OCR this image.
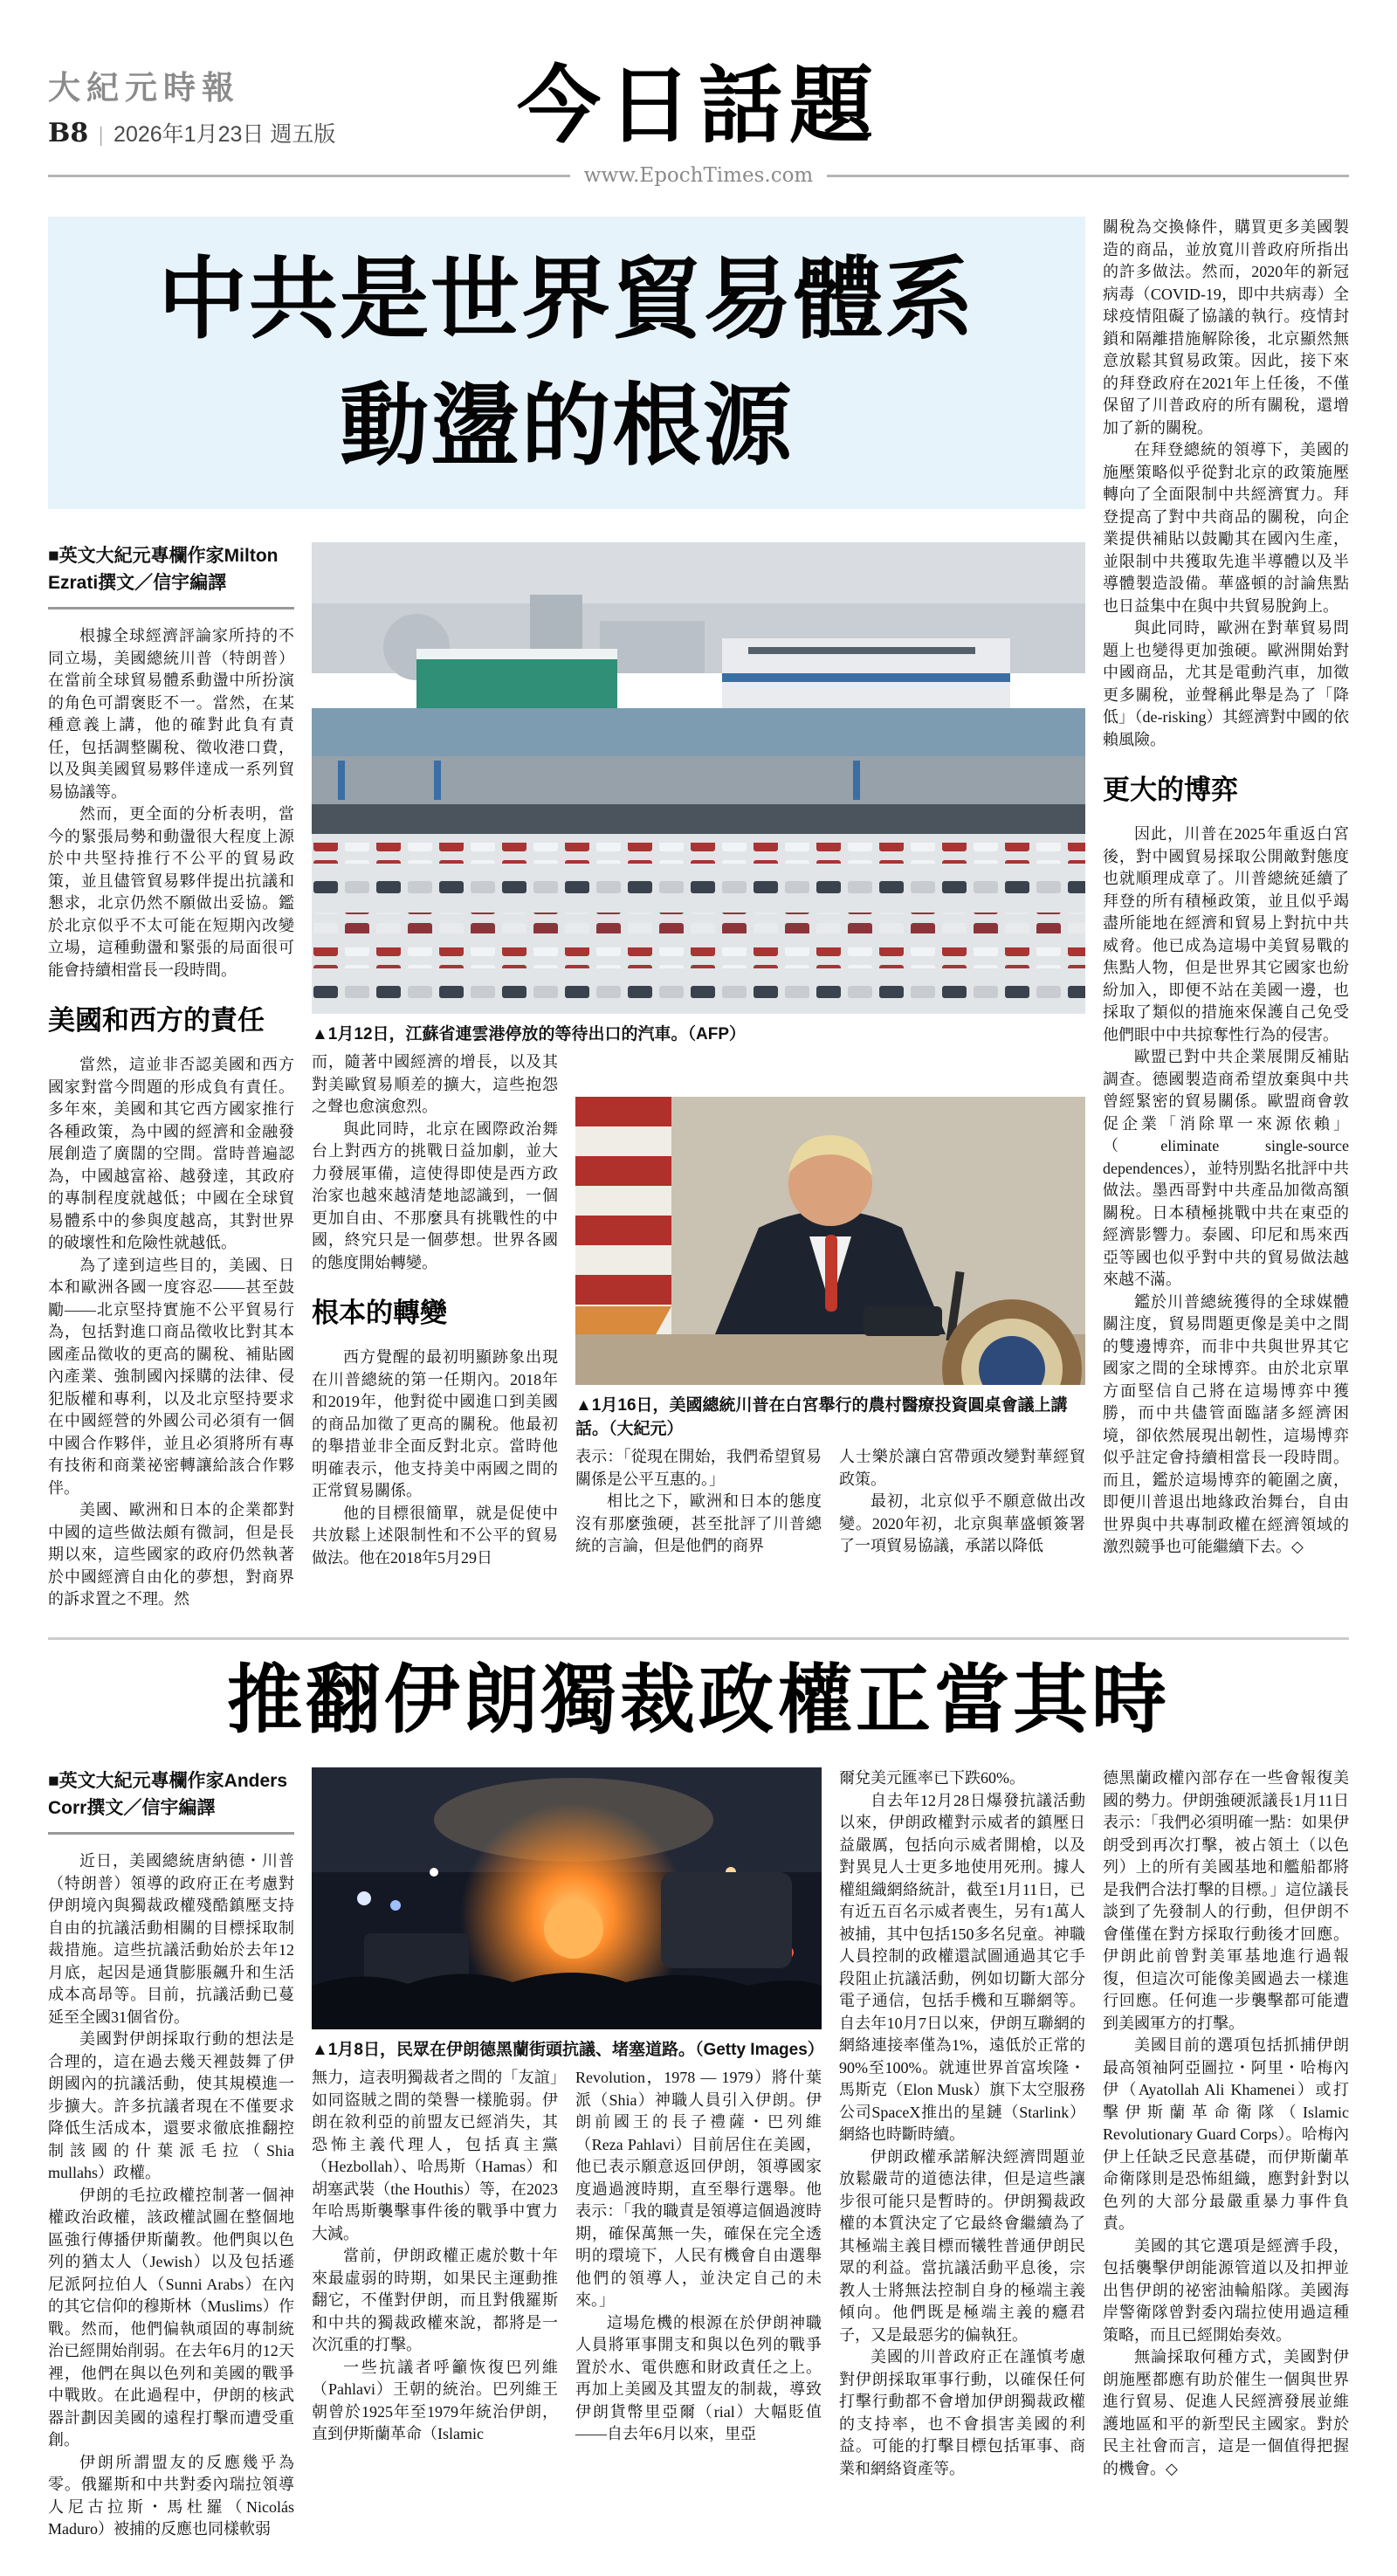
大紀元時報
B8 | 2026年1月23日 週五版	今日話題
www.EpochTimes.com
中共是世界貿易體系
動盪的根源
■英文大紀元專欄作家Milton Ezrati撰文／信宇編譯

根據全球經濟評論家所持的不同立場，美國總統川普（特朗普）在當前全球貿易體系動盪中所扮演的角色可謂褒貶不一。當然，在某種意義上講，他的確對此負有責任，包括調整關稅、徵收港口費，以及與美國貿易夥伴達成一系列貿易協議等。

然而，更全面的分析表明，當今的緊張局勢和動盪很大程度上源於中共堅持推行不公平的貿易政策，並且儘管貿易夥伴提出抗議和懇求，北京仍然不願做出妥協。鑑於北京似乎不太可能在短期內改變立場，這種動盪和緊張的局面很可能會持續相當長一段時間。

美國和西方的責任

當然，這並非否認美國和西方國家對當今問題的形成負有責任。多年來，美國和其它西方國家推行各種政策，為中國的經濟和金融發展創造了廣闊的空間。當時普遍認為，中國越富裕、越發達，其政府的專制程度就越低；中國在全球貿易體系中的參與度越高，其對世界的破壞性和危險性就越低。

為了達到這些目的，美國、日本和歐洲各國一度容忍——甚至鼓勵——北京堅持實施不公平貿易行為，包括對進口商品徵收比對其本國產品徵收的更高的關稅、補貼國內產業、強制國內採購的法律、侵犯版權和專利，以及北京堅持要求在中國經營的外國公司必須有一個中國合作夥伴，並且必須將所有專有技術和商業祕密轉讓給該合作夥伴。

美國、歐洲和日本的企業都對中國的這些做法頗有微詞，但是長期以來，這些國家的政府仍然執著於中國經濟自由化的夢想，對商界的訴求置之不理。然

▲1月12日，江蘇省連雲港停放的等待出口的汽車。（AFP）

而，隨著中國經濟的增長，以及其對美歐貿易順差的擴大，這些抱怨之聲也愈演愈烈。

與此同時，北京在國際政治舞台上對西方的挑戰日益加劇，並大力發展軍備，這使得即使是西方政治家也越來越清楚地認識到，一個更加自由、不那麼具有挑戰性的中國，終究只是一個夢想。世界各國的態度開始轉變。

根本的轉變

西方覺醒的最初明顯跡象出現在川普總統的第一任期內。2018年和2019年，他對從中國進口到美國的商品加徵了更高的關稅。他最初的舉措並非全面反對北京。當時他明確表示，他支持美中兩國之間的正常貿易關係。

他的目標很簡單，就是促使中共放鬆上述限制性和不公平的貿易做法。他在2018年5月29日

▲1月16日，美國總統川普在白宮舉行的農村醫療投資圓桌會議上講話。（大紀元）

表示：「從現在開始，我們希望貿易關係是公平互惠的。」

相比之下，歐洲和日本的態度沒有那麼強硬，甚至批評了川普總統的言論，但是他們的商界

人士樂於讓白宮帶頭改變對華經貿政策。

最初，北京似乎不願意做出改變。2020年初，北京與華盛頓簽署了一項貿易協議，承諾以降低

關稅為交換條件，購買更多美國製造的商品，並放寬川普政府所指出的許多做法。然而，2020年的新冠病毒（COVID-19，即中共病毒）全球疫情阻礙了協議的執行。疫情封鎖和隔離措施解除後，北京顯然無意放鬆其貿易政策。因此，接下來的拜登政府在2021年上任後，不僅保留了川普政府的所有關稅，還增加了新的關稅。

在拜登總統的領導下，美國的施壓策略似乎從對北京的政策施壓轉向了全面限制中共經濟實力。拜登提高了對中共商品的關稅，向企業提供補貼以鼓勵其在國內生產，並限制中共獲取先進半導體以及半導體製造設備。華盛頓的討論焦點也日益集中在與中共貿易脫鉤上。

與此同時，歐洲在對華貿易問題上也變得更加強硬。歐洲開始對中國商品，尤其是電動汽車，加徵更多關稅，並聲稱此舉是為了「降低」（de-risking）其經濟對中國的依賴風險。

更大的博弈

因此，川普在2025年重返白宮後，對中國貿易採取公開敵對態度也就順理成章了。川普總統延續了拜登的所有積極政策，並且似乎竭盡所能地在經濟和貿易上對抗中共威脅。他已成為這場中美貿易戰的焦點人物，但是世界其它國家也紛紛加入，即便不站在美國一邊，也採取了類似的措施來保護自己免受他們眼中中共掠奪性行為的侵害。

歐盟已對中共企業展開反補貼調查。德國製造商希望放棄與中共曾經緊密的貿易關係。歐盟商會敦促企業「消除單一來源依賴」（eliminate single-source dependences），並特別點名批評中共做法。墨西哥對中共產品加徵高額關稅。日本積極挑戰中共在東亞的經濟影響力。泰國、印尼和馬來西亞等國也似乎對中共的貿易做法越來越不滿。

鑑於川普總統獲得的全球媒體關注度，貿易問題更像是美中之間的雙邊博弈，而非中共與世界其它國家之間的全球博弈。由於北京單方面堅信自己將在這場博弈中獲勝，而中共儘管面臨諸多經濟困境，卻依然展現出韌性，這場博弈似乎註定會持續相當長一段時間。而且，鑑於這場博弈的範圍之廣，即便川普退出地緣政治舞台，自由世界與中共專制政權在經濟領域的激烈競爭也可能繼續下去。◇

推翻伊朗獨裁政權正當其時
■英文大紀元專欄作家Anders Corr撰文／信宇編譯

近日，美國總統唐納德・川普（特朗普）領導的政府正在考慮對伊朗境內與獨裁政權殘酷鎮壓支持自由的抗議活動相關的目標採取制裁措施。這些抗議活動始於去年12月底，起因是通貨膨脹飆升和生活成本高昂等。目前，抗議活動已蔓延至全國31個省份。

美國對伊朗採取行動的想法是合理的，這在過去幾天裡鼓舞了伊朗國內的抗議活動，使其規模進一步擴大。許多抗議者現在不僅要求降低生活成本，還要求徹底推翻控制該國的什葉派毛拉（Shia mullahs）政權。

伊朗的毛拉政權控制著一個神權政治政權，該政權試圖在整個地區強行傳播伊斯蘭教。他們與以色列的猶太人（Jewish）以及包括遜尼派阿拉伯人（Sunni Arabs）在內的其它信仰的穆斯林（Muslims）作戰。然而，他們偏執頑固的專制統治已經開始削弱。在去年6月的12天裡，他們在與以色列和美國的戰爭中戰敗。在此過程中，伊朗的核武器計劃因美國的遠程打擊而遭受重創。

伊朗所謂盟友的反應幾乎為零。俄羅斯和中共對委內瑞拉領導人尼古拉斯・馬杜羅（Nicolás Maduro）被捕的反應也同樣軟弱

▲1月8日，民眾在伊朗德黑蘭街頭抗議、堵塞道路。（Getty Images）

無力，這表明獨裁者之間的「友誼」如同盜賊之間的榮譽一樣脆弱。伊朗在敘利亞的前盟友已經消失，其恐怖主義代理人，包括真主黨（Hezbollah）、哈馬斯（Hamas）和胡塞武裝（the Houthis）等，在2023年哈馬斯襲擊事件後的戰爭中實力大減。

當前，伊朗政權正處於數十年來最虛弱的時期，如果民主運動推翻它，不僅對伊朗，而且對俄羅斯和中共的獨裁政權來說，都將是一次沉重的打擊。

一些抗議者呼籲恢復巴列維（Pahlavi）王朝的統治。巴列維王朝曾於1925年至1979年統治伊朗，直到伊斯蘭革命（Islamic

Revolution，1978 — 1979）將什葉派（Shia）神職人員引入伊朗。伊朗前國王的長子禮薩・巴列維（Reza Pahlavi）目前居住在美國，他已表示願意返回伊朗，領導國家度過過渡時期，直至舉行選舉。他表示：「我的職責是領導這個過渡時期，確保萬無一失，確保在完全透明的環境下，人民有機會自由選舉他們的領導人，並決定自己的未來。」

這場危機的根源在於伊朗神職人員將軍事開支和與以色列的戰爭置於水、電供應和財政責任之上。再加上美國及其盟友的制裁，導致伊朗貨幣里亞爾（rial）大幅貶值——自去年6月以來，里亞

爾兌美元匯率已下跌60%。

自去年12月28日爆發抗議活動以來，伊朗政權對示威者的鎮壓日益嚴厲，包括向示威者開槍，以及對異見人士更多地使用死刑。據人權組織網絡統計，截至1月11日，已有近五百名示威者喪生，另有1萬人被捕，其中包括150多名兒童。神職人員控制的政權還試圖通過其它手段阻止抗議活動，例如切斷大部分電子通信，包括手機和互聯網等。自去年10月7日以來，伊朗互聯網的網絡連接率僅為1%，遠低於正常的90%至100%。就連世界首富埃隆・馬斯克（Elon Musk）旗下太空服務公司SpaceX推出的星鏈（Starlink）網絡也時斷時續。

伊朗政權承諾解決經濟問題並放鬆嚴苛的道德法律，但是這些讓步很可能只是暫時的。伊朗獨裁政權的本質決定了它最終會繼續為了其極端主義目標而犧牲普通伊朗民眾的利益。當抗議活動平息後，宗教人士將無法控制自身的極端主義傾向。他們既是極端主義的癮君子，又是最惡劣的偏執狂。

美國的川普政府正在謹慎考慮對伊朗採取軍事行動，以確保任何打擊行動都不會增加伊朗獨裁政權的支持率，也不會損害美國的利益。可能的打擊目標包括軍事、商業和網絡資產等。

德黑蘭政權內部存在一些會報復美國的勢力。伊朗強硬派議長1月11日表示：「我們必須明確一點：如果伊朗受到再次打擊，被占領土（以色列）上的所有美國基地和艦船都將是我們合法打擊的目標。」這位議長談到了先發制人的行動，但伊朗不會僅僅在對方採取行動後才回應。伊朗此前曾對美軍基地進行過報復，但這次可能像美國過去一樣進行回應。任何進一步襲擊都可能遭到美國軍方的打擊。

美國目前的選項包括抓捕伊朗最高領袖阿亞圖拉・阿里・哈梅內伊（Ayatollah Ali Khamenei）或打擊伊斯蘭革命衛隊（Islamic Revolutionary Guard Corps）。哈梅內伊上任缺乏民意基礎，而伊斯蘭革命衛隊則是恐怖組織，應對針對以色列的大部分最嚴重暴力事件負責。

美國的其它選項是經濟手段，包括襲擊伊朗能源管道以及扣押並出售伊朗的祕密油輪船隊。美國海岸警衛隊曾對委內瑞拉使用過這種策略，而且已經開始奏效。

無論採取何種方式，美國對伊朗施壓都應有助於催生一個與世界進行貿易、促進人民經濟發展並維護地區和平的新型民主國家。對於民主社會而言，這是一個值得把握的機會。◇
